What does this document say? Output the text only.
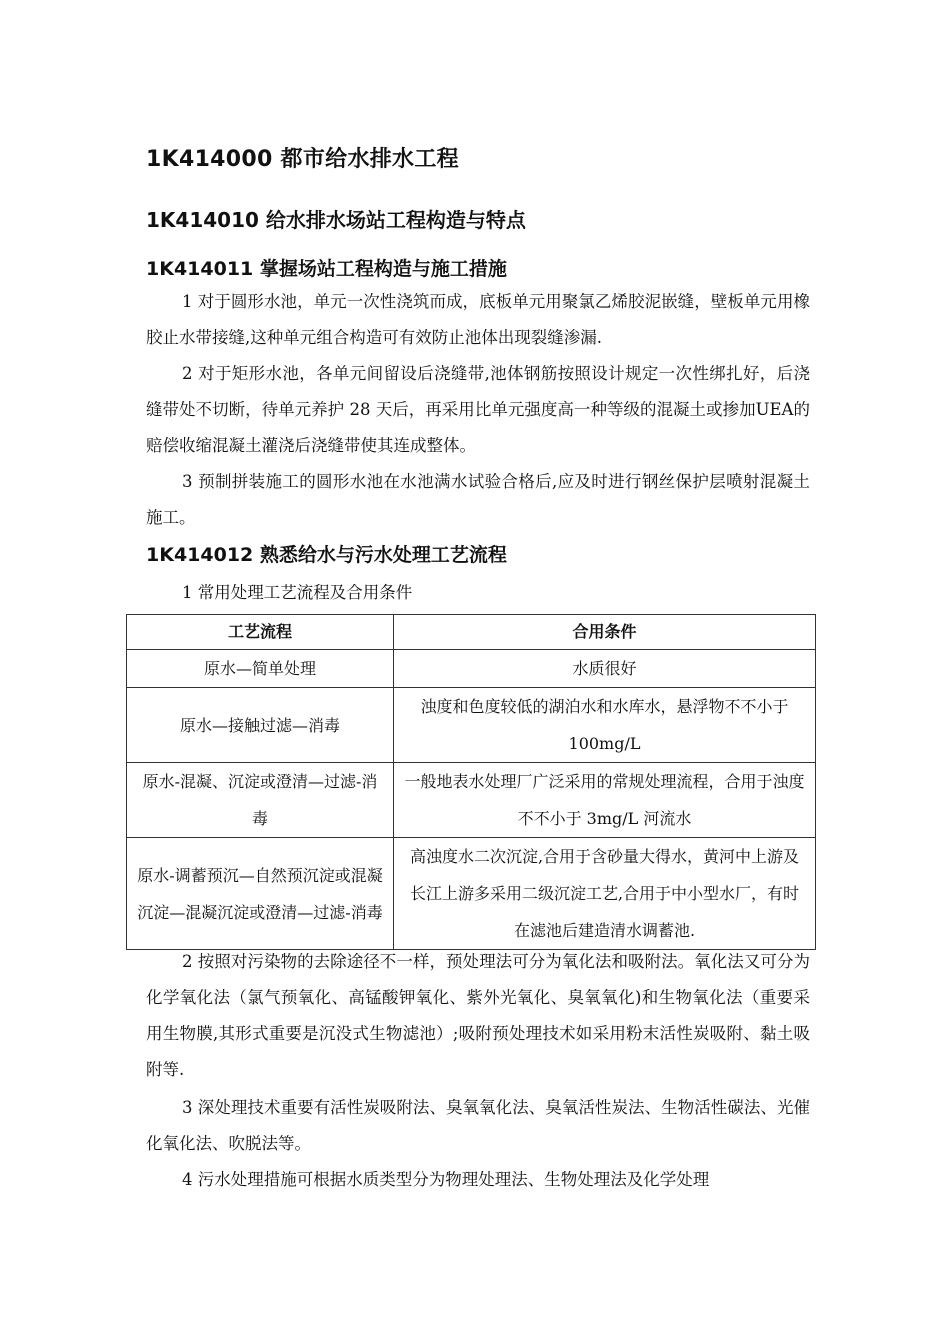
1K414000 都市给水排水工程
1K414010 给水排水场站工程构造与特点
1K414011 掌握场站工程构造与施工措施

1 对于圆形水池，单元一次性浇筑而成，底板单元用聚氯乙烯胶泥嵌缝，壁板单元用橡胶止水带接缝,这种单元组合构造可有效防止池体出现裂缝渗漏.

2 对于矩形水池，各单元间留设后浇缝带,池体钢筋按照设计规定一次性绑扎好，后浇缝带处不切断，待单元养护 28 天后，再采用比单元强度高一种等级的混凝土或掺加UEA的赔偿收缩混凝土灌浇后浇缝带使其连成整体。

3 预制拼装施工的圆形水池在水池满水试验合格后,应及时进行钢丝保护层喷射混凝土施工。

1K414012 熟悉给水与污水处理工艺流程
1 常用处理工艺流程及合用条件
工艺流程	合用条件
原水—简单处理	水质很好
原水—接触过滤—消毒	浊度和色度较低的湖泊水和水库水，悬浮物不不小于 100mg/L
原水-混凝、沉淀或澄清—过滤-消毒	一般地表水处理厂广泛采用的常规处理流程，合用于浊度不不小于 3mg/L 河流水
原水-调蓄预沉—自然预沉淀或混凝沉淀—混凝沉淀或澄清—过滤-消毒	高浊度水二次沉淀,合用于含砂量大得水，黄河中上游及长江上游多采用二级沉淀工艺,合用于中小型水厂，有时在滤池后建造清水调蓄池.

2 按照对污染物的去除途径不一样，预处理法可分为氧化法和吸附法。氧化法又可分为化学氧化法（氯气预氧化、高锰酸钾氧化、紫外光氧化、臭氧氧化)和生物氧化法（重要采用生物膜,其形式重要是沉没式生物滤池）;吸附预处理技术如采用粉末活性炭吸附、黏土吸附等.

3 深处理技术重要有活性炭吸附法、臭氧氧化法、臭氧活性炭法、生物活性碳法、光催化氧化法、吹脱法等。

4 污水处理措施可根据水质类型分为物理处理法、生物处理法及化学处理
